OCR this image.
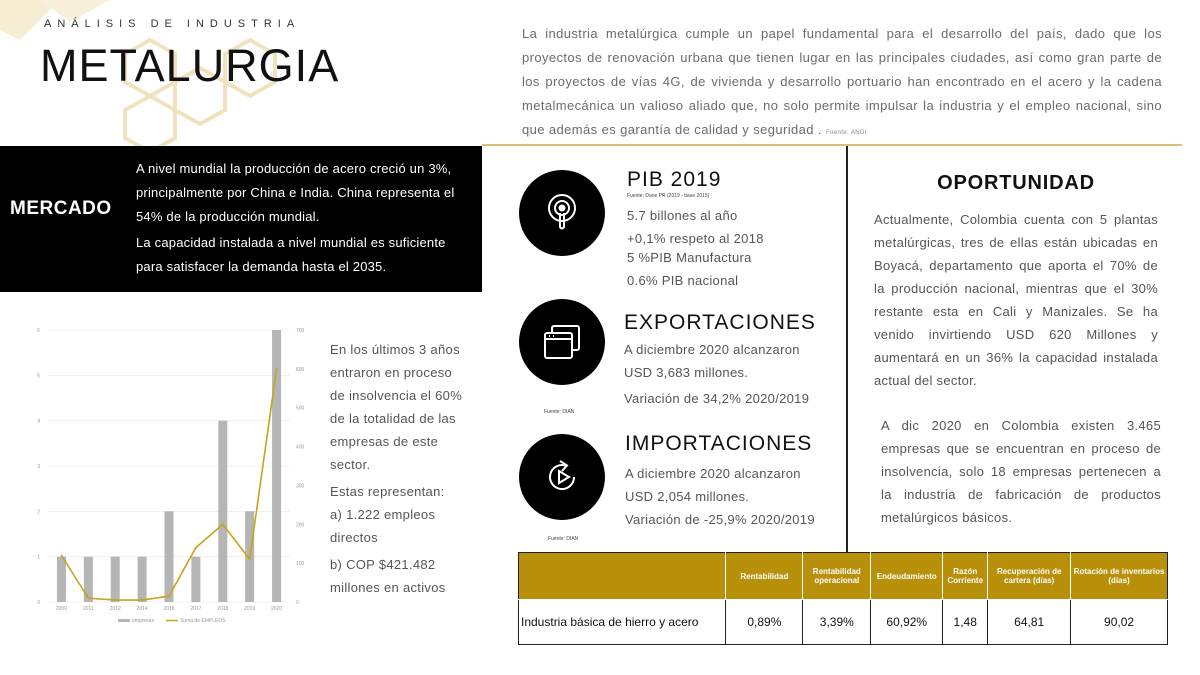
ANÁLISIS DE INDUSTRIA
METALURGIA
La industria metalúrgica cumple un papel fundamental para el desarrollo del país, dado que los proyectos de renovación urbana que tienen lugar en las principales ciudades, así como gran parte de los proyectos de vías 4G, de vivienda y desarrollo portuario han encontrado en el acero y la cadena metalmecánica un valioso aliado que, no solo permite impulsar la industria y el empleo nacional, sino que además es garantía de calidad y seguridad . Fuente: ANDI
MERCADO

A nivel mundial la producción de acero creció un 3%, principalmente por China e India. China representa el 54% de la producción mundial.

La capacidad instalada a nivel mundial es suficiente para satisfacer la demanda hasta el 2035.

0
1
2
3
4
5
6
0
100
200
300
400
500
600
700
2000	2011	2012	2014	2016	2017	2018	2019	2020
empresas	Suma de EMPLEOS

En los últimos 3 años entraron en proceso de insolvencia el 60% de la totalidad de las empresas de este sector.

Estas representan:

a) 1.222 empleos directos

b) COP $421.482 millones en activos

PIB 2019
Fuente: Dane PR (2019 - base 2015)
5.7 billones al año
+0,1% respeto al 2018
5 %PIB Manufactura
0.6% PIB nacional
EXPORTACIONES
A diciembre 2020 alcanzaron
USD 3,683 millones.
Variación de 34,2% 2020/2019
Fuente: DIAN
IMPORTACIONES
A diciembre 2020 alcanzaron
USD 2,054 millones.
Variación de -25,9% 2020/2019
Fuente: DIAN
OPORTUNIDAD
Actualmente, Colombia cuenta con 5 plantas metalúrgicas, tres de ellas están ubicadas en Boyacá, departamento que aporta el 70% de la producción nacional, mientras que el 30% restante esta en Cali y Manizales. Se ha venido invirtiendo USD 620 Millones y aumentará en un 36% la capacidad instalada actual del sector.
A dic 2020 en Colombia existen 3.465 empresas que se encuentran en proceso de insolvencia, solo 18 empresas pertenecen a la industria de fabricación de productos metalúrgicos básicos.
	Rentabilidad	Rentabilidad operacional	Endeudamiento	Razón Corriente	Recuperación de cartera (días)	Rotación de inventarios (días)
Industria básica de hierro y acero	0,89%	3,39%	60,92%	1,48	64,81	90,02
